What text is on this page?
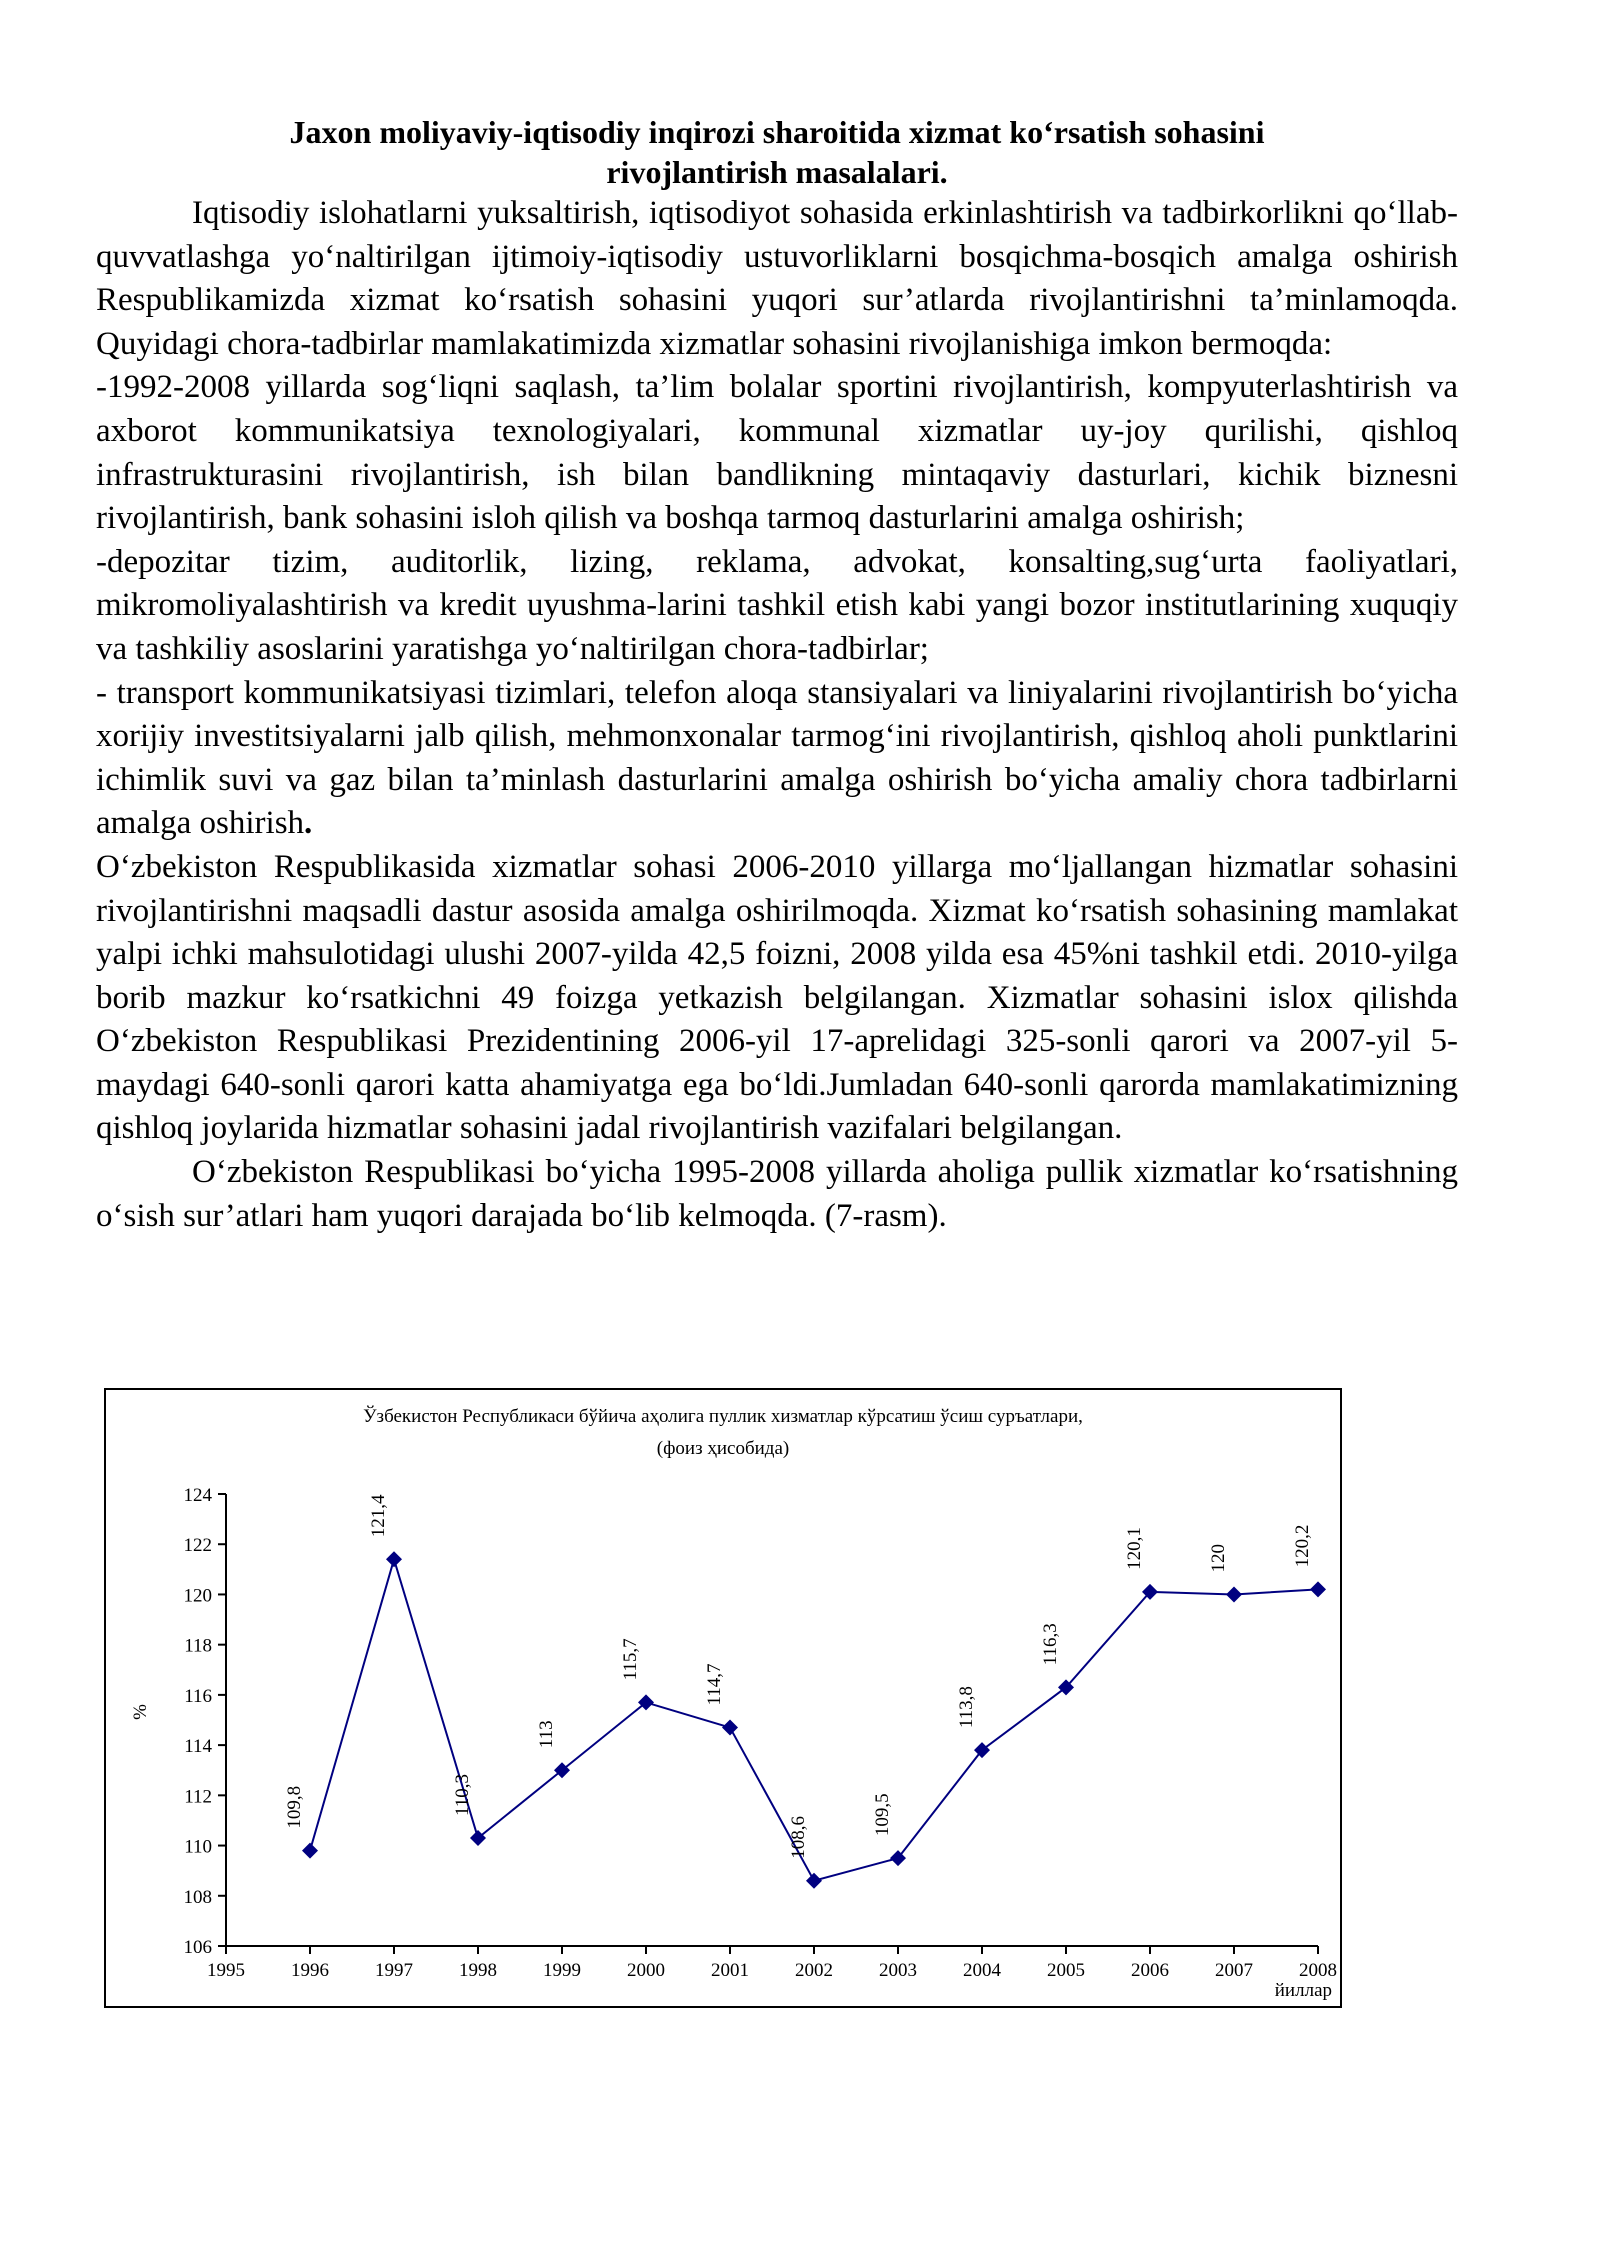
Jaxon moliyaviy-iqtisodiy inqirozi sharoitida xizmat ko‘rsatish sohasini
rivojlantirish masalalari.

Iqtisodiy islohatlarni yuksaltirish, iqtisodiyot sohasida erkinlashtirish va tadbirkorlikni qo‘llab-quvvatlashga yo‘naltirilgan ijtimoiy-iqtisodiy ustuvorliklarni bosqichma-bosqich amalga oshirish Respublikamizda xizmat ko‘rsatish sohasini yuqori sur’atlarda rivojlantirishni ta’minlamoqda. Quyidagi chora-tadbirlar mamlakatimizda xizmatlar sohasini rivojlanishiga imkon bermoqda:

-1992-2008 yillarda sog‘liqni saqlash, ta’lim bolalar sportini rivojlantirish, kompyuterlashtirish va axborot kommunikatsiya texnologiyalari, kommunal xizmatlar uy-joy qurilishi, qishloq infrastrukturasini rivojlantirish, ish bilan bandlikning mintaqaviy dasturlari, kichik biznesni rivojlantirish, bank sohasini isloh qilish va boshqa tarmoq dasturlarini amalga oshirish;

-depozitar tizim, auditorlik, lizing, reklama, advokat, konsalting,sug‘urta faoliyatlari, mikromoliyalashtirish va kredit uyushma-larini tashkil etish kabi yangi bozor institutlarining xuquqiy va tashkiliy asoslarini yaratishga yo‘naltirilgan chora-tadbirlar;

- transport kommunikatsiyasi tizimlari, telefon aloqa stansiyalari va liniyalarini rivojlantirish bo‘yicha xorijiy investitsiyalarni jalb qilish, mehmonxonalar tarmog‘ini rivojlantirish, qishloq aholi punktlarini ichimlik suvi va gaz bilan ta’minlash dasturlarini amalga oshirish bo‘yicha amaliy chora tadbirlarni amalga oshirish.

O‘zbekiston Respublikasida xizmatlar sohasi 2006-2010 yillarga mo‘ljallangan hizmatlar sohasini rivojlantirishni maqsadli dastur asosida amalga oshirilmoqda. Xizmat ko‘rsatish sohasining mamlakat yalpi ichki mahsulotidagi ulushi 2007-yilda 42,5 foizni, 2008 yilda esa 45%ni tashkil etdi. 2010-yilga borib mazkur ko‘rsatkichni 49 foizga yetkazish belgilangan. Xizmatlar sohasini islox qilishda O‘zbekiston Respublikasi Prezidentining 2006-yil 17-aprelidagi 325-sonli qarori va 2007-yil 5-maydagi 640-sonli qarori katta ahamiyatga ega bo‘ldi.Jumladan 640-sonli qarorda mamlakatimizning qishloq joylarida hizmatlar sohasini jadal rivojlantirish vazifalari belgilangan.

O‘zbekiston Respublikasi bo‘yicha 1995-2008 yillarda aholiga pullik xizmatlar ko‘rsatishning o‘sish sur’atlari ham yuqori darajada bo‘lib kelmoqda. (7-rasm).

Ўзбекистон Республикаси бўйича аҳолига пуллик хизматлар кўрсатиш ўсиш суръатлари,
(фоиз ҳисобида)
%
йиллар
106
108
110
112
114
116
118
120
122
124
1995 1996 1997 1998 1999 2000 2001 2002 2003 2004 2005 2006 2007 2008
109,8
121,4
110,3
113
115,7
114,7
108,6
109,5
113,8
116,3
120,1	120	120,2
